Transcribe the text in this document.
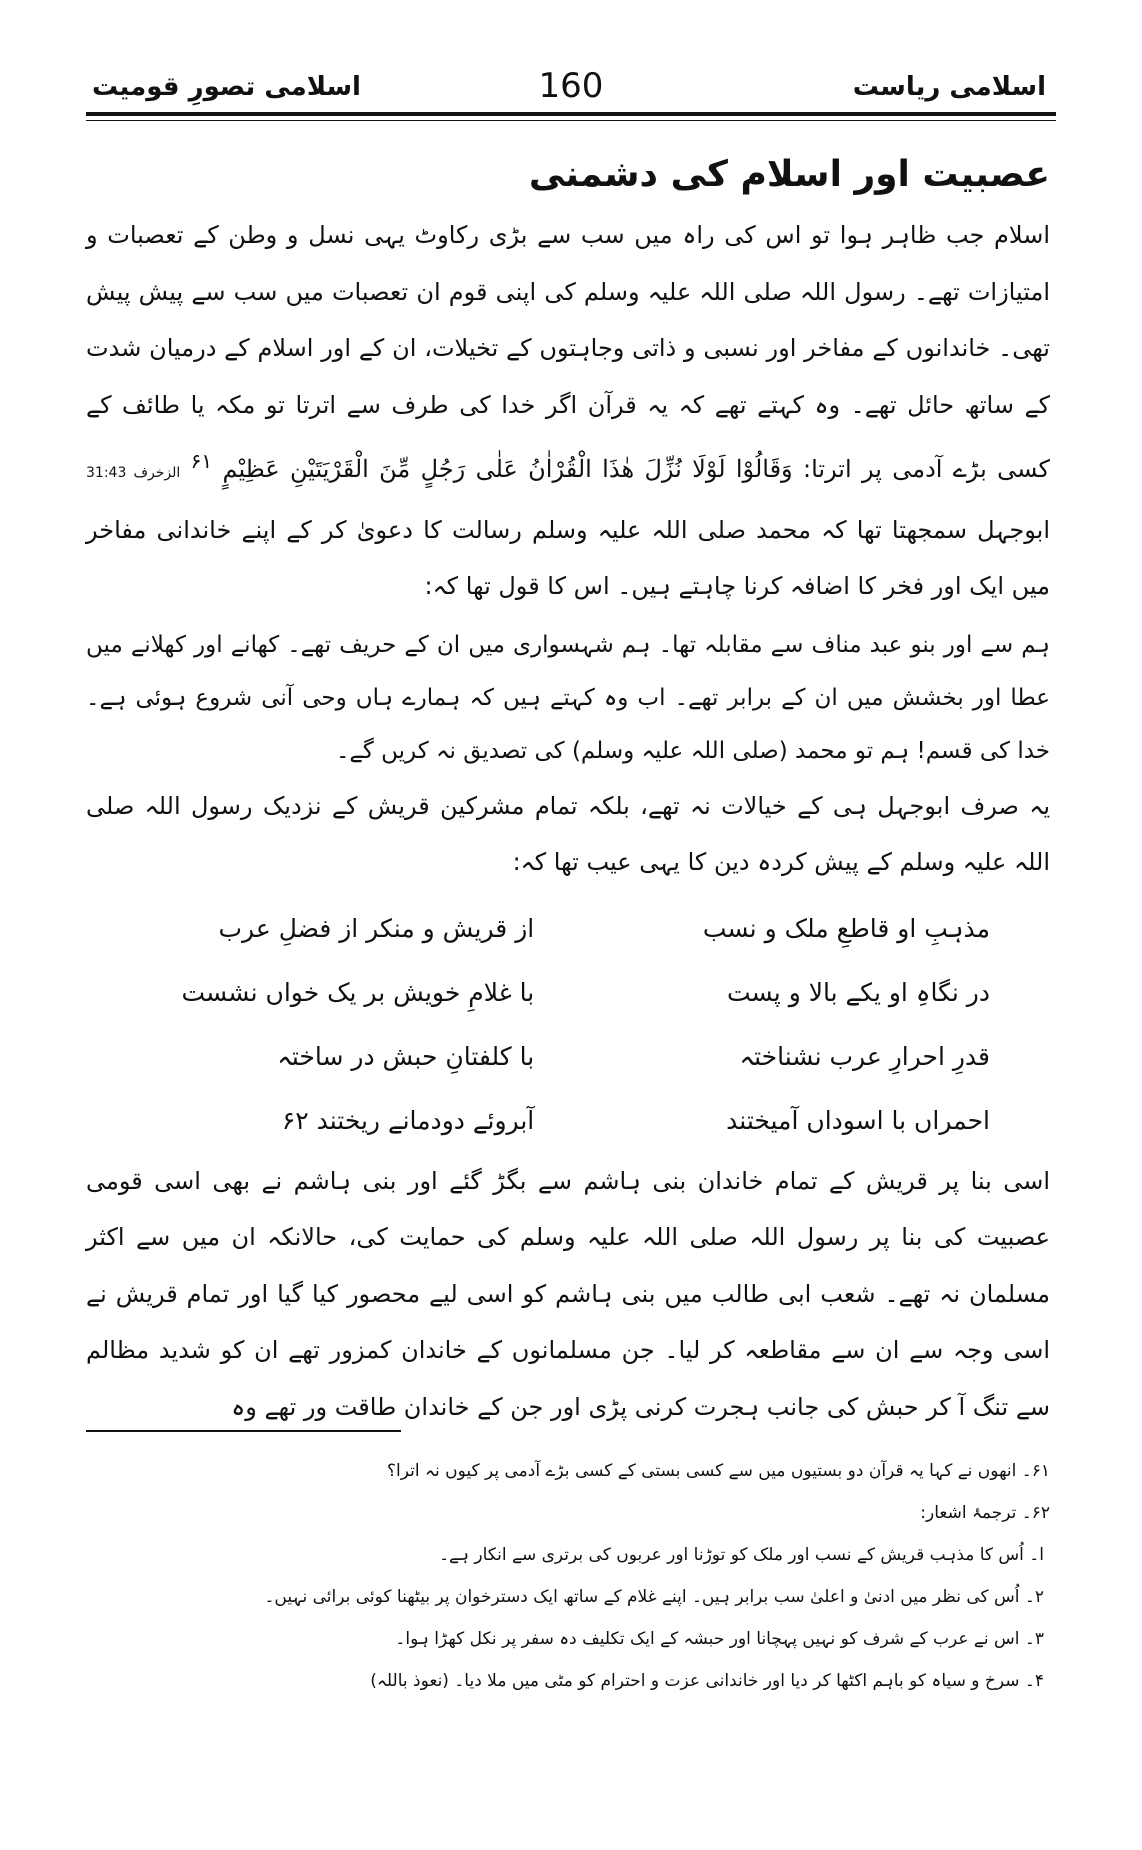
اسلامی ریاست
160
اسلامی تصورِ قومیت
عصبیت اور اسلام کی دشمنی

اسلام جب ظاہر ہوا تو اس کی راہ میں سب سے بڑی رکاوٹ یہی نسل و وطن کے تعصبات و امتیازات تھے۔ رسول اللہ صلی اللہ علیہ وسلم کی اپنی قوم ان تعصبات میں سب سے پیش پیش تھی۔ خاندانوں کے مفاخر اور نسبی و ذاتی وجاہتوں کے تخیلات، ان کے اور اسلام کے درمیان شدت کے ساتھ حائل تھے۔ وہ کہتے تھے کہ یہ قرآن اگر خدا کی طرف سے اترتا تو مکہ یا طائف کے کسی بڑے آدمی پر اترتا: وَقَالُوْا لَوْلَا نُزِّلَ هٰذَا الْقُرْاٰنُ عَلٰى رَجُلٍ مِّنَ الْقَرْيَتَيْنِ عَظِيْمٍ $^{۶۱}$ الزخرف 31:43 ابوجہل سمجھتا تھا کہ محمد صلی اللہ علیہ وسلم رسالت کا دعویٰ کر کے اپنے خاندانی مفاخر میں ایک اور فخر کا اضافہ کرنا چاہتے ہیں۔ اس کا قول تھا کہ:

ہم سے اور بنو عبد مناف سے مقابلہ تھا۔ ہم شہسواری میں ان کے حریف تھے۔ کھانے اور کھلانے میں عطا اور بخشش میں ان کے برابر تھے۔ اب وہ کہتے ہیں کہ ہمارے ہاں وحی آنی شروع ہوئی ہے۔ خدا کی قسم! ہم تو محمد (صلی اللہ علیہ وسلم) کی تصدیق نہ کریں گے۔

یہ صرف ابوجہل ہی کے خیالات نہ تھے، بلکہ تمام مشرکین قریش کے نزدیک رسول اللہ صلی اللہ علیہ وسلم کے پیش کردہ دین کا یہی عیب تھا کہ:

مذہبِ او قاطعِ ملک و نسب
از قریش و منکر از فضلِ عرب
در نگاہِ او یکے بالا و پست
با غلامِ خویش بر یک خواں نشست
قدرِ احرارِ عرب نشناختہ
با کلفتانِ حبش در ساختہ
احمراں با اسوداں آمیختند
آبروئے دودمانے ریختند ۶۲

اسی بنا پر قریش کے تمام خاندان بنی ہاشم سے بگڑ گئے اور بنی ہاشم نے بھی اسی قومی عصبیت کی بنا پر رسول اللہ صلی اللہ علیہ وسلم کی حمایت کی، حالانکہ ان میں سے اکثر مسلمان نہ تھے۔ شعب ابی طالب میں بنی ہاشم کو اسی لیے محصور کیا گیا اور تمام قریش نے اسی وجہ سے ان سے مقاطعہ کر لیا۔ جن مسلمانوں کے خاندان کمزور تھے ان کو شدید مظالم سے تنگ آ کر حبش کی جانب ہجرت کرنی پڑی اور جن کے خاندان طاقت ور تھے وہ

۶۱۔ انھوں نے کہا یہ قرآن دو بستیوں میں سے کسی بستی کے کسی بڑے آدمی پر کیوں نہ اترا؟

۶۲۔ ترجمۂ اشعار:

ا۔ اُس کا مذہب قریش کے نسب اور ملک کو توڑنا اور عربوں کی برتری سے انکار ہے۔

۲۔ اُس کی نظر میں ادنیٰ و اعلیٰ سب برابر ہیں۔ اپنے غلام کے ساتھ ایک دسترخوان پر بیٹھنا کوئی برائی نہیں۔

۳۔ اس نے عرب کے شرف کو نہیں پہچانا اور حبشہ کے ایک تکلیف دہ سفر پر نکل کھڑا ہوا۔

۴۔ سرخ و سیاہ کو باہم اکٹھا کر دیا اور خاندانی عزت و احترام کو مٹی میں ملا دیا۔ (نعوذ باللہ)
